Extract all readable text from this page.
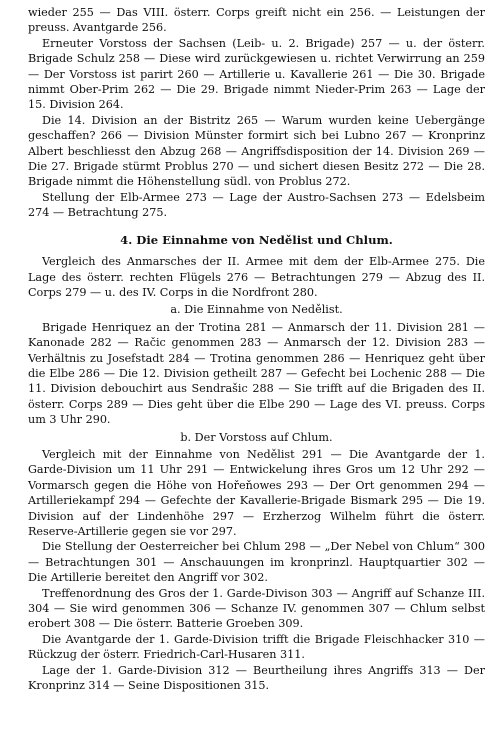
wieder 255 — Das VIII. österr. Corps greift nicht ein 256. — Leistungen der preuss. Avantgarde 256.

Erneuter Vorstoss der Sachsen (Leib- u. 2. Brigade) 257 — u. der österr. Brigade Schulz 258 — Diese wird zurückgewiesen u. richtet Verwirrung an 259 — Der Vorstoss ist parirt 260 — Artillerie u. Kavallerie 261 — Die 30. Brigade nimmt Ober-Prim 262 — Die 29. Brigade nimmt Nieder-Prim 263 — Lage der 15. Division 264.

Die 14. Division an der Bistritz 265 — Warum wurden keine Uebergänge geschaffen? 266 — Division Münster formirt sich bei Lubno 267 — Kronprinz Albert beschliesst den Abzug 268 — Angriffsdisposition der 14. Division 269 — Die 27. Brigade stürmt Problus 270 — und sichert diesen Besitz 272 — Die 28. Brigade nimmt die Höhenstellung südl. von Problus 272.

Stellung der Elb-Armee 273 — Lage der Austro-Sachsen 273 — Edelsbeim 274 — Betrachtung 275.

4. Die Einnahme von Nedělist und Chlum.

Vergleich des Anmarsches der II. Armee mit dem der Elb-Armee 275. Die Lage des österr. rechten Flügels 276 — Betrachtungen 279 — Abzug des II. Corps 279 — u. des IV. Corps in die Nordfront 280.

a. Die Einnahme von Nedělist.

Brigade Henriquez an der Trotina 281 — Anmarsch der 11. Division 281 — Kanonade 282 — Račic genommen 283 — Anmarsch der 12. Division 283 — Verhältnis zu Josefstadt 284 — Trotina genommen 286 — Henriquez geht über die Elbe 286 — Die 12. Division getheilt 287 — Gefecht bei Lochenic 288 — Die 11. Division debouchirt aus Sendrašic 288 — Sie trifft auf die Brigaden des II. österr. Corps 289 — Dies geht über die Elbe 290 — Lage des VI. preuss. Corps um 3 Uhr 290.

b. Der Vorstoss auf Chlum.

Vergleich mit der Einnahme von Nedělist 291 — Die Avantgarde der 1. Garde-Division um 11 Uhr 291 — Entwickelung ihres Gros um 12 Uhr 292 — Vormarsch gegen die Höhe von Hořeňowes 293 — Der Ort genommen 294 — Artilleriekampf 294 — Gefechte der Kavallerie-Brigade Bismark 295 — Die 19. Division auf der Lindenhöhe 297 — Erzherzog Wilhelm führt die österr. Reserve-Artillerie gegen sie vor 297.

Die Stellung der Oesterreicher bei Chlum 298 — „Der Nebel von Chlum“ 300 — Betrachtungen 301 — Anschauungen im kronprinzl. Hauptquartier 302 — Die Artillerie bereitet den Angriff vor 302.

Treffenordnung des Gros der 1. Garde-Divison 303 — Angriff auf Schanze III. 304 — Sie wird genommen 306 — Schanze IV. genommen 307 — Chlum selbst erobert 308 — Die österr. Batterie Groeben 309.

Die Avantgarde der 1. Garde-Division trifft die Brigade Fleischhacker 310 — Rückzug der österr. Friedrich-Carl-Husaren 311.

Lage der 1. Garde-Division 312 — Beurtheilung ihres Angriffs 313 — Der Kronprinz 314 — Seine Dispositionen 315.
